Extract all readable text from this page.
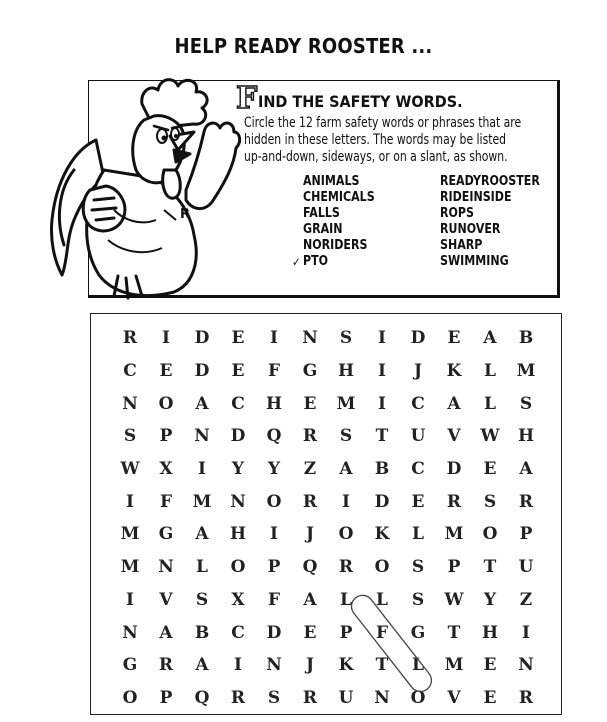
HELP READY ROOSTER ...
R
F IND THE SAFETY WORDS.
Circle the 12 farm safety words or phrases that are
hidden in these letters. The words may be listed
up-and-down, sideways, or on a slant, as shown.
ANIMALS
CHEMICALS
FALLS
GRAIN
NORIDERS
✓ PTO
READYROOSTER
RIDEINSIDE
ROPS
RUNOVER
SHARP
SWIMMING
R	I	D	E	I	N	S	I	D	E	A	B
C	E	D	E	F	G	H	I	J	K	L	M
N	O	A	C	H	E	M	I	C	A	L	S
S	P	N	D	Q	R	S	T	U	V	W	H
W	X	I	Y	Y	Z	A	B	C	D	E	A
I	F	M	N	O	R	I	D	E	R	S	R
M	G	A	H	I	J	O	K	L	M	O	P
M	N	L	O	P	Q	R	O	S	P	T	U
I	V	S	X	F	A	L	L	S	W	Y	Z
N	A	B	C	D	E	P	F	G	T	H	I
G	R	A	I	N	J	K	T	L	M	E	N
O	P	Q	R	S	R	U	N	O	V	E	R
